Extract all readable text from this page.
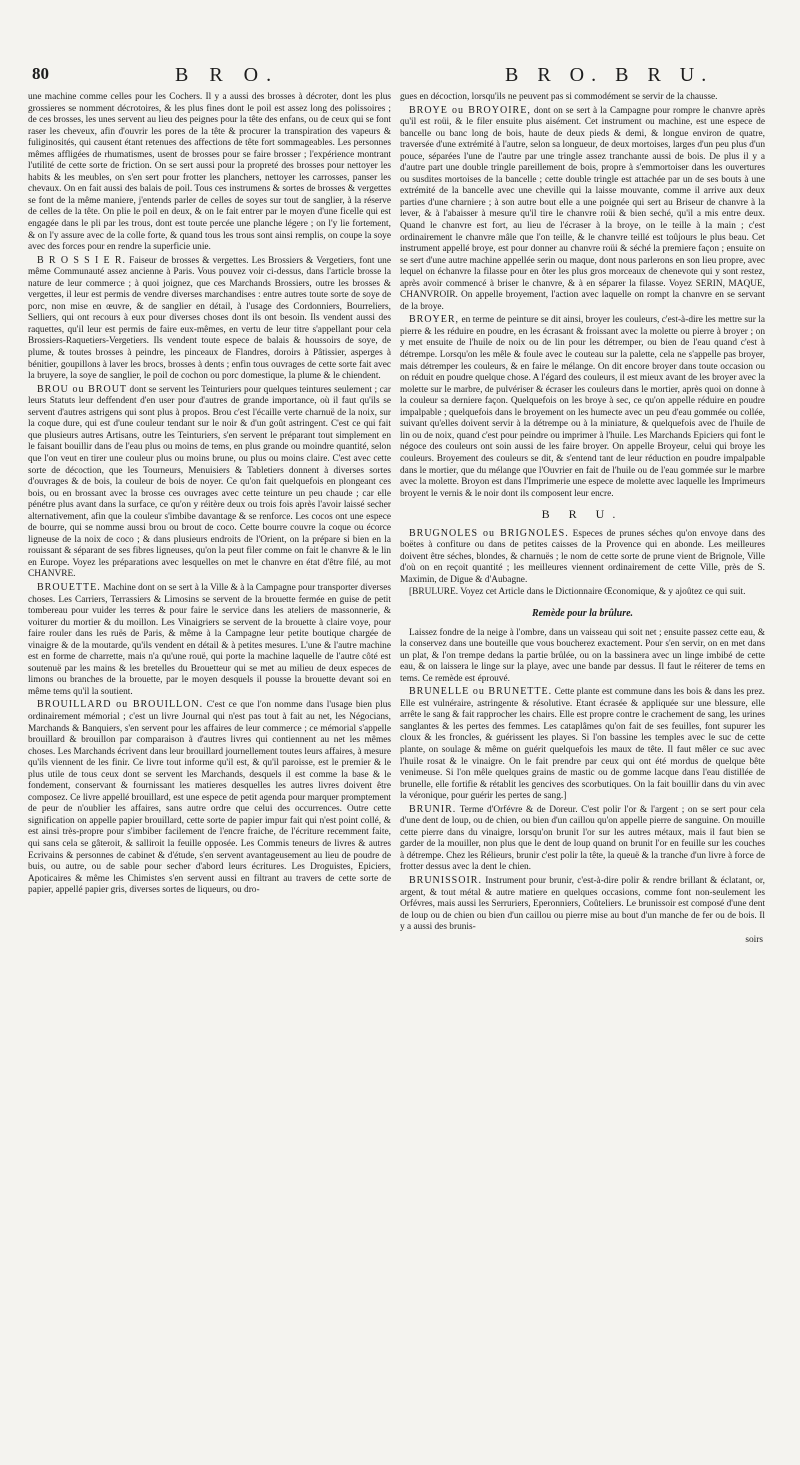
80	B R O.	B R O. B R U.

une machine comme celles pour les Cochers. Il y a aussi des brosses à décroter, dont les plus grossieres se nomment décrotoires, & les plus fines dont le poil est assez long des polissoires ; de ces brosses, les unes servent au lieu des peignes pour la tête des enfans, ou de ceux qui se font raser les cheveux, afin d'ouvrir les pores de la tête & procurer la transpiration des vapeurs & fuliginosités, qui causent étant retenues des affections de tête fort sommageables. Les personnes mêmes affligées de rhumatismes, usent de brosses pour se faire brosser ; l'expérience montrant l'utilité de cette sorte de friction. On se sert aussi pour la propreté des brosses pour nettoyer les habits & les meubles, on s'en sert pour frotter les planchers, nettoyer les carrosses, panser les chevaux. On en fait aussi des balais de poil. Tous ces instrumens & sortes de brosses & vergettes se font de la même maniere, j'entends parler de celles de soyes sur tout de sanglier, à la réserve de celles de la tête. On plie le poil en deux, & on le fait entrer par le moyen d'une ficelle qui est engagée dans le pli par les trous, dont est toute percée une planche légere ; on l'y lie fortement, & on l'y assure avec de la colle forte, & quand tous les trous sont ainsi remplis, on coupe la soye avec des forces pour en rendre la superficie unie.

B R O S S I E R. Faiseur de brosses & vergettes. Les Brossiers & Vergetiers, font une même Communauté assez ancienne à Paris. Vous pouvez voir ci-dessus, dans l'article brosse la nature de leur commerce ; à quoi joignez, que ces Marchands Brossiers, outre les brosses & vergettes, il leur est permis de vendre diverses marchandises : entre autres toute sorte de soye de porc, non mise en œuvre, & de sanglier en détail, à l'usage des Cordonniers, Bourreliers, Selliers, qui ont recours à eux pour diverses choses dont ils ont besoin. Ils vendent aussi des raquettes, qu'il leur est permis de faire eux-mêmes, en vertu de leur titre s'appellant pour cela Brossiers-Raquetiers-Vergetiers. Ils vendent toute espece de balais & houssoirs de soye, de plume, & toutes brosses à peindre, les pinceaux de Flandres, doroirs à Pâtissier, asperges à bénitier, goupillons à laver les brocs, brosses à dents ; enfin tous ouvrages de cette sorte fait avec la bruyere, la soye de sanglier, le poil de cochon ou porc domestique, la plume & le chiendent.

BROU ou BROUT dont se servent les Teinturiers pour quelques teintures seulement ; car leurs Statuts leur deffendent d'en user pour d'autres de grande importance, où il faut qu'ils se servent d'autres astrigens qui sont plus à propos. Brou c'est l'écaille verte charnuë de la noix, sur la coque dure, qui est d'une couleur tendant sur le noir & d'un goût astringent. C'est ce qui fait que plusieurs autres Artisans, outre les Teinturiers, s'en servent le préparant tout simplement en le faisant bouillir dans de l'eau plus ou moins de tems, en plus grande ou moindre quantité, selon que l'on veut en tirer une couleur plus ou moins brune, ou plus ou moins claire. C'est avec cette sorte de décoction, que les Tourneurs, Menuisiers & Tabletiers donnent à diverses sortes d'ouvrages & de bois, la couleur de bois de noyer. Ce qu'on fait quelquefois en plongeant ces bois, ou en brossant avec la brosse ces ouvrages avec cette teinture un peu chaude ; car elle pénétre plus avant dans la surface, ce qu'on y réitère deux ou trois fois après l'avoir laissé secher alternativement, afin que la couleur s'imbibe davantage & se renforce. Les cocos ont une espece de bourre, qui se nomme aussi brou ou brout de coco. Cette bourre couvre la coque ou écorce ligneuse de la noix de coco ; & dans plusieurs endroits de l'Orient, on la prépare si bien en la rouissant & séparant de ses fibres ligneuses, qu'on la peut filer comme on fait le chanvre & le lin en Europe. Voyez les préparations avec lesquelles on met le chanvre en état d'être filé, au mot CHANVRE.

BROUETTE. Machine dont on se sert à la Ville & à la Campagne pour transporter diverses choses. Les Carriers, Terrassiers & Limosins se servent de la brouette fermée en guise de petit tombereau pour vuider les terres & pour faire le service dans les ateliers de massonnerie, & voiturer du mortier & du moillon. Les Vinaigriers se servent de la brouette à claire voye, pour faire rouler dans les ruës de Paris, & même à la Campagne leur petite boutique chargée de vinaigre & de la moutarde, qu'ils vendent en détail & à petites mesures. L'une & l'autre machine est en forme de charrette, mais n'a qu'une rouë, qui porte la machine laquelle de l'autre côté est soutenuë par les mains & les bretelles du Brouetteur qui se met au milieu de deux especes de limons ou branches de la brouette, par le moyen desquels il pousse la brouette devant soi en même tems qu'il la soutient.

BROUILLARD ou BROUILLON. C'est ce que l'on nomme dans l'usage bien plus ordinairement mémorial ; c'est un livre Journal qui n'est pas tout à fait au net, les Négocians, Marchands & Banquiers, s'en servent pour les affaires de leur commerce ; ce mémorial s'appelle brouillard & brouillon par comparaison à d'autres livres qui contiennent au net les mêmes choses. Les Marchands écrivent dans leur brouillard journellement toutes leurs affaires, à mesure qu'ils viennent de les finir. Ce livre tout informe qu'il est, & qu'il paroisse, est le premier & le plus utile de tous ceux dont se servent les Marchands, desquels il est comme la base & le fondement, conservant & fournissant les matieres desquelles les autres livres doivent être composez. Ce livre appellé brouillard, est une espece de petit agenda pour marquer promptement de peur de n'oublier les affaires, sans autre ordre que celui des occurrences. Outre cette signification on appelle papier brouillard, cette sorte de papier impur fait qui n'est point collé, & est ainsi très-propre pour s'imbiber facilement de l'encre fraiche, de l'écriture recemment faite, qui sans cela se gâteroit, & salliroit la feuille opposée. Les Commis teneurs de livres & autres Ecrivains & personnes de cabinet & d'étude, s'en servent avantageusement au lieu de poudre de buis, ou autre, ou de sable pour secher d'abord leurs écritures. Les Droguistes, Epiciers, Apoticaires & même les Chimistes s'en servent aussi en filtrant au travers de cette sorte de papier, appellé papier gris, diverses sortes de liqueurs, ou dro-

gues en décoction, lorsqu'ils ne peuvent pas si commodément se servir de la chausse.

BROYE ou BROYOIRE, dont on se sert à la Campagne pour rompre le chanvre après qu'il est roüi, & le filer ensuite plus aisément. Cet instrument ou machine, est une espece de bancelle ou banc long de bois, haute de deux pieds & demi, & longue environ de quatre, traversée d'une extrémité à l'autre, selon sa longueur, de deux mortoises, larges d'un peu plus d'un pouce, séparées l'une de l'autre par une tringle assez tranchante aussi de bois. De plus il y a d'autre part une double tringle pareillement de bois, propre à s'emmortoiser dans les ouvertures ou susdites mortoises de la bancelle ; cette double tringle est attachée par un de ses bouts à une extrémité de la bancelle avec une cheville qui la laisse mouvante, comme il arrive aux deux parties d'une charniere ; à son autre bout elle a une poignée qui sert au Briseur de chanvre à la lever, & à l'abaisser à mesure qu'il tire le chanvre roüi & bien seché, qu'il a mis entre deux. Quand le chanvre est fort, au lieu de l'écraser à la broye, on le teille à la main ; c'est ordinairement le chanvre mâle que l'on teille, & le chanvre teillé est toûjours le plus beau. Cet instrument appellé broye, est pour donner au chanvre roüi & séché la premiere façon ; ensuite on se sert d'une autre machine appellée serin ou maque, dont nous parlerons en son lieu propre, avec lequel on échanvre la filasse pour en ôter les plus gros morceaux de chenevote qui y sont restez, après avoir commencé à briser le chanvre, & à en séparer la filasse. Voyez SERIN, MAQUE, CHANVROIR. On appelle broyement, l'action avec laquelle on rompt la chanvre en se servant de la broye.

BROYER, en terme de peinture se dit ainsi, broyer les couleurs, c'est-à-dire les mettre sur la pierre & les réduire en poudre, en les écrasant & froissant avec la molette ou pierre à broyer ; on y met ensuite de l'huile de noix ou de lin pour les détremper, ou bien de l'eau quand c'est à détrempe. Lorsqu'on les mêle & foule avec le couteau sur la palette, cela ne s'appelle pas broyer, mais détremper les couleurs, & en faire le mélange. On dit encore broyer dans toute occasion ou on réduit en poudre quelque chose. A l'égard des couleurs, il est mieux avant de les broyer avec la molette sur le marbre, de pulvériser & écraser les couleurs dans le mortier, après quoi on donne à la couleur sa derniere façon. Quelquefois on les broye à sec, ce qu'on appelle réduire en poudre impalpable ; quelquefois dans le broyement on les humecte avec un peu d'eau gommée ou collée, suivant qu'elles doivent servir à la détrempe ou à la miniature, & quelquefois avec de l'huile de lin ou de noix, quand c'est pour peindre ou imprimer à l'huile. Les Marchands Epiciers qui font le négoce des couleurs ont soin aussi de les faire broyer. On appelle Broyeur, celui qui broye les couleurs. Broyement des couleurs se dit, & s'entend tant de leur réduction en poudre impalpable dans le mortier, que du mélange que l'Ouvrier en fait de l'huile ou de l'eau gommée sur le marbre avec la molette. Broyon est dans l'Imprimerie une espece de molette avec laquelle les Imprimeurs broyent le vernis & le noir dont ils composent leur encre.

B R U.

BRUGNOLES ou BRIGNOLES. Especes de prunes séches qu'on envoye dans des boëtes à confiture ou dans de petites caisses de la Provence qui en abonde. Les meilleures doivent être séches, blondes, & charnuës ; le nom de cette sorte de prune vient de Brignole, Ville d'où on en reçoit quantité ; les meilleures viennent ordinairement de cette Ville, près de S. Maximin, de Digue & d'Aubagne.

[BRULURE. Voyez cet Article dans le Dictionnaire Œconomique, & y ajoûtez ce qui suit.

Remède pour la brûlure.

Laissez fondre de la neige à l'ombre, dans un vaisseau qui soit net ; ensuite passez cette eau, & la conservez dans une bouteille que vous boucherez exactement. Pour s'en servir, on en met dans un plat, & l'on trempe dedans la partie brûlée, ou on la bassinera avec un linge imbibé de cette eau, & on laissera le linge sur la playe, avec une bande par dessus. Il faut le réiterer de tems en tems. Ce remède est éprouvé.

BRUNELLE ou BRUNETTE. Cette plante est commune dans les bois & dans les prez. Elle est vulnéraire, astringente & résolutive. Etant écrasée & appliquée sur une blessure, elle arrête le sang & fait rapprocher les chairs. Elle est propre contre le crachement de sang, les urines sanglantes & les pertes des femmes. Les cataplâmes qu'on fait de ses feuilles, font supurer les cloux & les froncles, & guérissent les playes. Si l'on bassine les temples avec le suc de cette plante, on soulage & même on guérit quelquefois les maux de tête. Il faut mêler ce suc avec l'huile rosat & le vinaigre. On le fait prendre par ceux qui ont été mordus de quelque bête venimeuse. Si l'on mêle quelques grains de mastic ou de gomme lacque dans l'eau distillée de brunelle, elle fortifie & rétablit les gencives des scorbutiques. On la fait bouillir dans du vin avec la véronique, pour guérir les pertes de sang.]

BRUNIR. Terme d'Orfévre & de Doreur. C'est polir l'or & l'argent ; on se sert pour cela d'une dent de loup, ou de chien, ou bien d'un caillou qu'on appelle pierre de sanguine. On mouille cette pierre dans du vinaigre, lorsqu'on brunit l'or sur les autres métaux, mais il faut bien se garder de la mouiller, non plus que le dent de loup quand on brunit l'or en feuille sur les couches à détrempe. Chez les Rélieurs, brunir c'est polir la tête, la queuë & la tranche d'un livre à force de frotter dessus avec la dent le chien.

BRUNISSOIR. Instrument pour brunir, c'est-à-dire polir & rendre brillant & éclatant, or, argent, & tout métal & autre matiere en quelques occasions, comme font non-seulement les Orfévres, mais aussi les Serruriers, Eperonniers, Coûteliers. Le brunissoir est composé d'une dent de loup ou de chien ou bien d'un caillou ou pierre mise au bout d'un manche de fer ou de bois. Il y a aussi des brunis-

soirs
